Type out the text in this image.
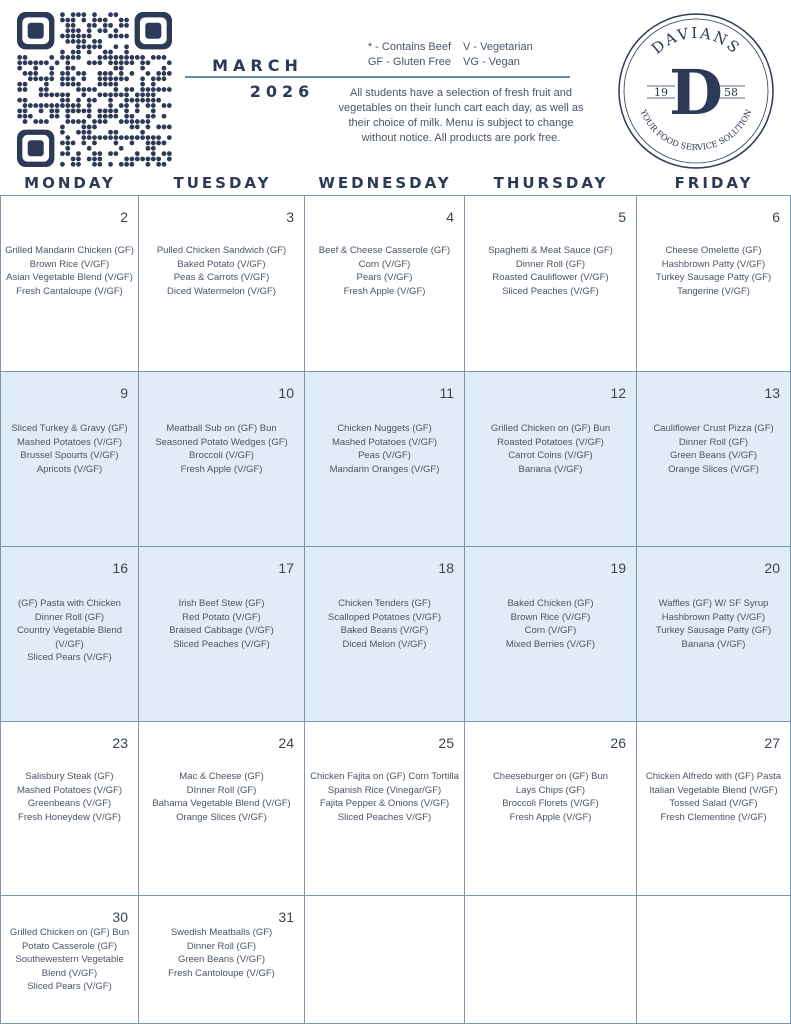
MARCH
2026
* - Contains Beef	V - Vegetarian
GF - Gluten Free	VG - Vegan
All students have a selection of fresh fruit and vegetables on their lunch cart each day, as well as their choice of milk. Menu is subject to change without notice. All products are pork free.
DAVIANS
19	58
D
YOUR FOOD SERVICE SOLUTION
MONDAY	TUESDAY	WEDNESDAY	THURSDAY	FRIDAY
2
Grilled Mandarin Chicken (GF)
Brown Rice (V/GF)
Asian Vegetable Blend (V/GF)
Fresh Cantaloupe (V/GF)
3
Pulled Chicken Sandwich (GF)
Baked Potato (V/GF)
Peas & Carrots (V/GF)
Diced Watermelon (V/GF)
4
Beef & Cheese Casserole (GF)
Corn (V/GF)
Pears (V/GF)
Fresh Apple (V/GF)
5
Spaghetti & Meat Sauce (GF)
Dinner Roll (GF)
Roasted Cauliflower (V/GF)
Sliced Peaches (V/GF)
6
Cheese Omelette (GF)
Hashbrown Patty (V/GF)
Turkey Sausage Patty (GF)
Tangerine (V/GF)
9
Sliced Turkey & Gravy (GF)
Mashed Potatoes (V/GF)
Brussel Spourts (V/GF)
Apricots (V/GF)
10
Meatball Sub on (GF) Bun
Seasoned Potato Wedges (GF)
Broccoli (V/GF)
Fresh Apple (V/GF)
11
Chicken Nuggets (GF)
Mashed Potatoes (V/GF)
Peas (V/GF)
Mandarin Oranges (V/GF)
12
Grilled Chicken on (GF) Bun
Roasted Potatoes (V/GF)
Carrot Coins (V/GF)
Banana (V/GF)
13
Cauliflower Crust Pizza (GF)
Dinner Roll (GF)
Green Beans (V/GF)
Orange Slices (V/GF)
16
(GF) Pasta with Chicken
Dinner Roll (GF)
Country Vegetable Blend (V/GF)
Sliced Pears (V/GF)
17
Irish Beef Stew (GF)
Red Potato (V/GF)
Braised Cabbage (V/GF)
Sliced Peaches (V/GF)
18
Chicken Tenders (GF)
Scalloped Potatoes (V/GF)
Baked Beans (V/GF)
Diced Melon (V/GF)
19
Baked Chicken (GF)
Brown Rice (V/GF)
Corn (V/GF)
Mixed Berries (V/GF)
20
Waffles (GF) W/ SF Syrup
Hashbrown Patty (V/GF)
Turkey Sausage Patty (GF)
Banana (V/GF)
23
Salisbury Steak (GF)
Mashed Potatoes (V/GF)
Greenbeans (V/GF)
Fresh Honeydew (V/GF)
24
Mac & Cheese (GF)
DInner Roll (GF)
Bahama Vegetable Blend (V/GF)
Orange Slices (V/GF)
25
Chicken Fajita on (GF) Corn Tortilla
Spanish Rice (Vinegar/GF)
Fajita Pepper & Onions (V/GF)
Sliced Peaches V/GF)
26
Cheeseburger on (GF) Bun
Lays Chips (GF)
Broccoli Florets (V/GF)
Fresh Apple (V/GF)
27
Chicken Alfredo with (GF) Pasta
Italian Vegetable Blend (V/GF)
Tossed Salad (V/GF)
Fresh Clementine (V/GF)
30
Grilled Chicken on (GF) Bun
Potato Casserole (GF)
Southewestern Vegetable Blend (V/GF)
Sliced Pears (V/GF)
31
Swedish Meatballs (GF)
Dinner Roll (GF)
Green Beans (V/GF)
Fresh Cantoloupe (V/GF)
